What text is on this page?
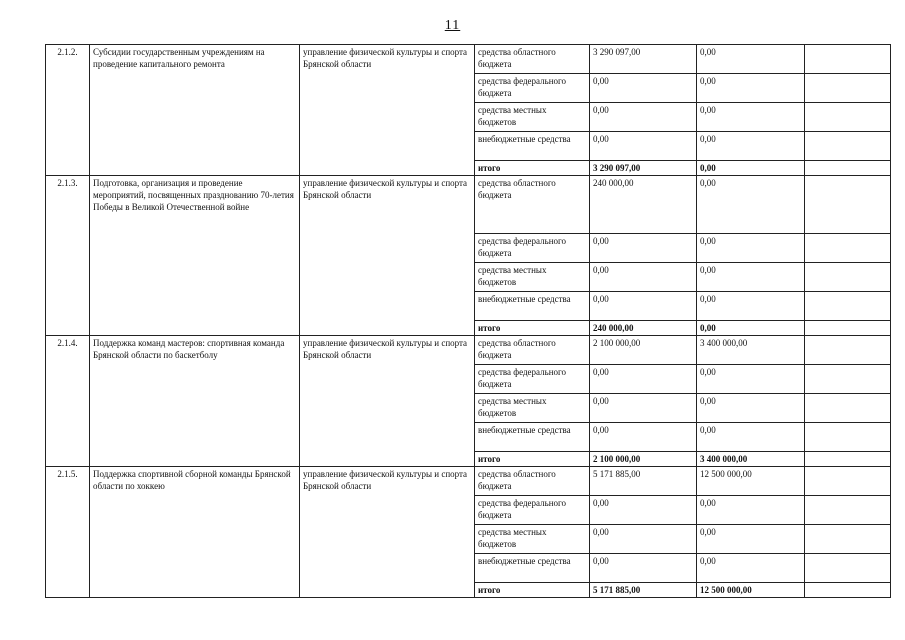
11
2.1.2.	Субсидии государственным учреждениям на проведение капитального ремонта	управление физической культуры и спорта Брянской области	средства областного бюджета	3 290 097,00	0,00	
			средства федерального бюджета	0,00	0,00	
			средства местных бюджетов	0,00	0,00	
			внебюджетные средства	0,00	0,00	
			итого	3 290 097,00	0,00	
2.1.3.	Подготовка, организация и проведение мероприятий, посвященных празднованию 70-летия Победы в Великой Отечественной войне	управление физической культуры и спорта Брянской области	средства областного бюджета	240 000,00	0,00	
			средства федерального бюджета	0,00	0,00	
			средства местных бюджетов	0,00	0,00	
			внебюджетные средства	0,00	0,00	
			итого	240 000,00	0,00	
2.1.4.	Поддержка команд мастеров: спортивная команда Брянской области по баскетболу	управление физической культуры и спорта Брянской области	средства областного бюджета	2 100 000,00	3 400 000,00	
			средства федерального бюджета	0,00	0,00	
			средства местных бюджетов	0,00	0,00	
			внебюджетные средства	0,00	0,00	
			итого	2 100 000,00	3 400 000,00	
2.1.5.	Поддержка спортивной сборной команды Брянской области по хоккею	управление физической культуры и спорта Брянской области	средства областного бюджета	5 171 885,00	12 500 000,00	
			средства федерального бюджета	0,00	0,00	
			средства местных бюджетов	0,00	0,00	
			внебюджетные средства	0,00	0,00	
			итого	5 171 885,00	12 500 000,00	
